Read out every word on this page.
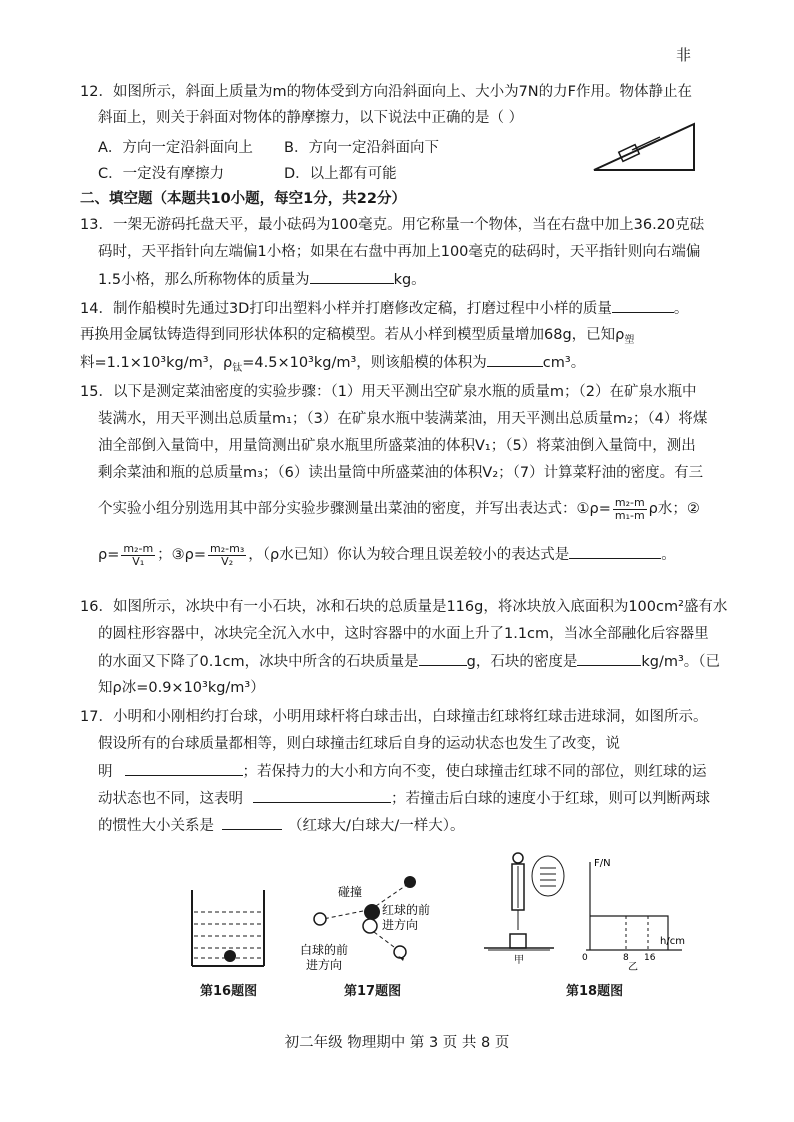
非
12．如图所示，斜面上质量为m的物体受到方向沿斜面向上、大小为7N的力F作用。物体静止在
斜面上，则关于斜面对物体的静摩擦力，以下说法中正确的是（ ）
A．方向一定沿斜面向上 B．方向一定沿斜面向下
C．一定没有摩擦力	D．以上都有可能
二、填空题（本题共10小题，每空1分，共22分）
13．一架无游码托盘天平，最小砝码为100毫克。用它称量一个物体，当在右盘中加上36.20克砝
码时，天平指针向左端偏1小格；如果在右盘中再加上100毫克的砝码时，天平指针则向右端偏
1.5小格，那么所称物体的质量为	kg。
14．制作船模时先通过3D打印出塑料小样并打磨修改定稿，打磨过程中小样的质量	。
再换用金属钛铸造得到同形状体积的定稿模型。若从小样到模型质量增加68g，已知$\rho_塑$
料=1.1×10³kg/m³，$\rho_钛=4.5\times 10^3kg/m^3$，则该船模的体积为	cm³。
15．以下是测定菜油密度的实验步骤：（1）用天平测出空矿泉水瓶的质量m；（2）在矿泉水瓶中
装满水，用天平测出总质量m₁；（3）在矿泉水瓶中装满菜油，用天平测出总质量m₂；（4）将煤
油全部倒入量筒中，用量筒测出矿泉水瓶里所盛菜油的体积V₁；（5）将菜油倒入量筒中，测出
剩余菜油和瓶的总质量m₃；（6）读出量筒中所盛菜油的体积V₂；（7）计算菜籽油的密度。有三
个实验小组分别选用其中部分实验步骤测量出菜油的密度，并写出表达式：①ρ= $\frac{\text{m₂-m}}{\text{m₁-m}}$ ρ水；②
$\rho= \frac{\text{m₂-m}}{\text{V₁}}$ ；③ρ= $\frac{\text{m₂-m₃}}{\text{V₂}}$ ，（ρ水已知）你认为较合理且误差较小的表达式是	。
16．如图所示，冰块中有一小石块，冰和石块的总质量是116g，将冰块放入底面积为100cm²盛有水
的圆柱形容器中，冰块完全沉入水中，这时容器中的水面上升了1.1cm，当冰全部融化后容器里
的水面又下降了0.1cm，冰块中所含的石块质量是	g，石块的密度是	kg/m³。（已
知ρ冰=0.9×10³kg/m³）
17．小明和小刚相约打台球，小明用球杆将白球击出，白球撞击红球将红球击进球洞，如图所示。
假设所有的台球质量都相等，则白球撞击红球后自身的运动状态也发生了改变，说
明	；若保持力的大小和方向不变，使白球撞击红球不同的部位，则红球的运
动状态也不同，这表明	；若撞击后白球的速度小于红球，则可以判断两球
的惯性大小关系是	（红球大/白球大/一样大）。
第16题图
碰撞
红球的前
进方向
白球的前
进方向
第17题图
甲
F/N
h/cm
0	8 16
乙
第18题图
初二年级 物理期中 第 3 页 共 8 页
